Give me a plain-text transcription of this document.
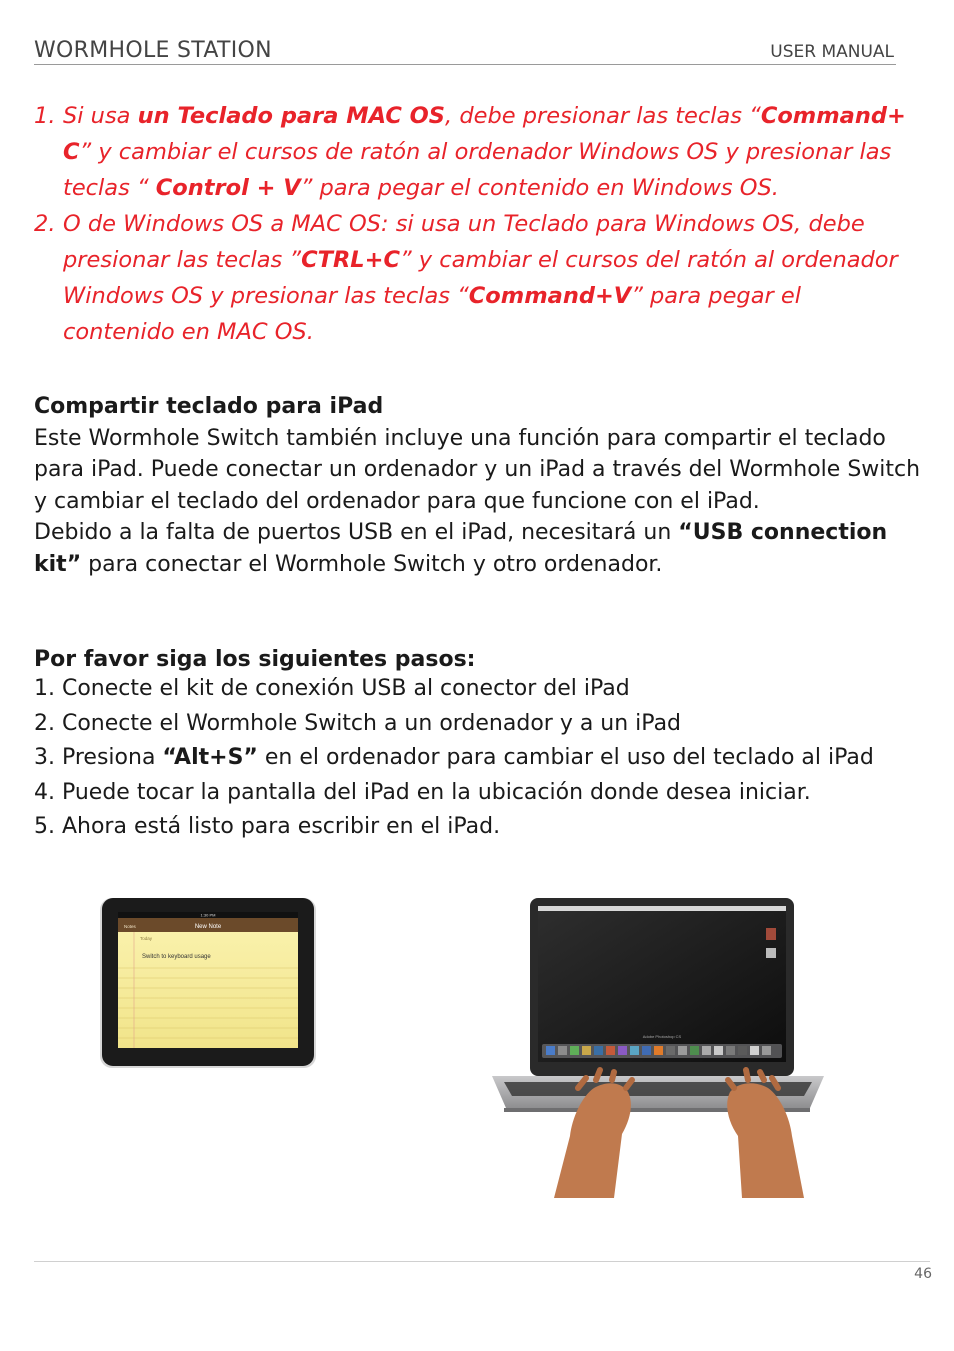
WORMHOLE STATION	USER MANUAL
1. Si usa un Teclado para MAC OS, debe presionar las teclas “Command+ C” y cambiar el cursos de ratón al ordenador Windows OS y presionar las teclas “ Control + V” para pegar el contenido en Windows OS.
2. O de Windows OS a MAC OS: si usa un Teclado para Windows OS, debe presionar las teclas ”CTRL+C” y cambiar el cursos del ratón al ordenador Windows OS y presionar las teclas “Command+V” para pegar el contenido en MAC OS.
Compartir teclado para iPad
Este Wormhole Switch también incluye una función para compartir el teclado para iPad. Puede conectar un ordenador y un iPad a través del Wormhole Switch y cambiar el teclado del ordenador para que funcione con el iPad.
Debido a la falta de puertos USB en el iPad, necesitará un “USB connection kit” para conectar el Wormhole Switch y otro ordenador.
Por favor siga los siguientes pasos:
1. Conecte el kit de conexión USB al conector del iPad
2. Conecte el Wormhole Switch a un ordenador y a un iPad
3. Presiona “Alt+S” en el ordenador para cambiar el uso del teclado al iPad
4. Puede tocar la pantalla del iPad en la ubicación donde desea iniciar.
5. Ahora está listo para escribir en el iPad.
1:30 PM
New Note
Notes
Today
Switch to keyboard usage
Adobe Photoshop CS
46
